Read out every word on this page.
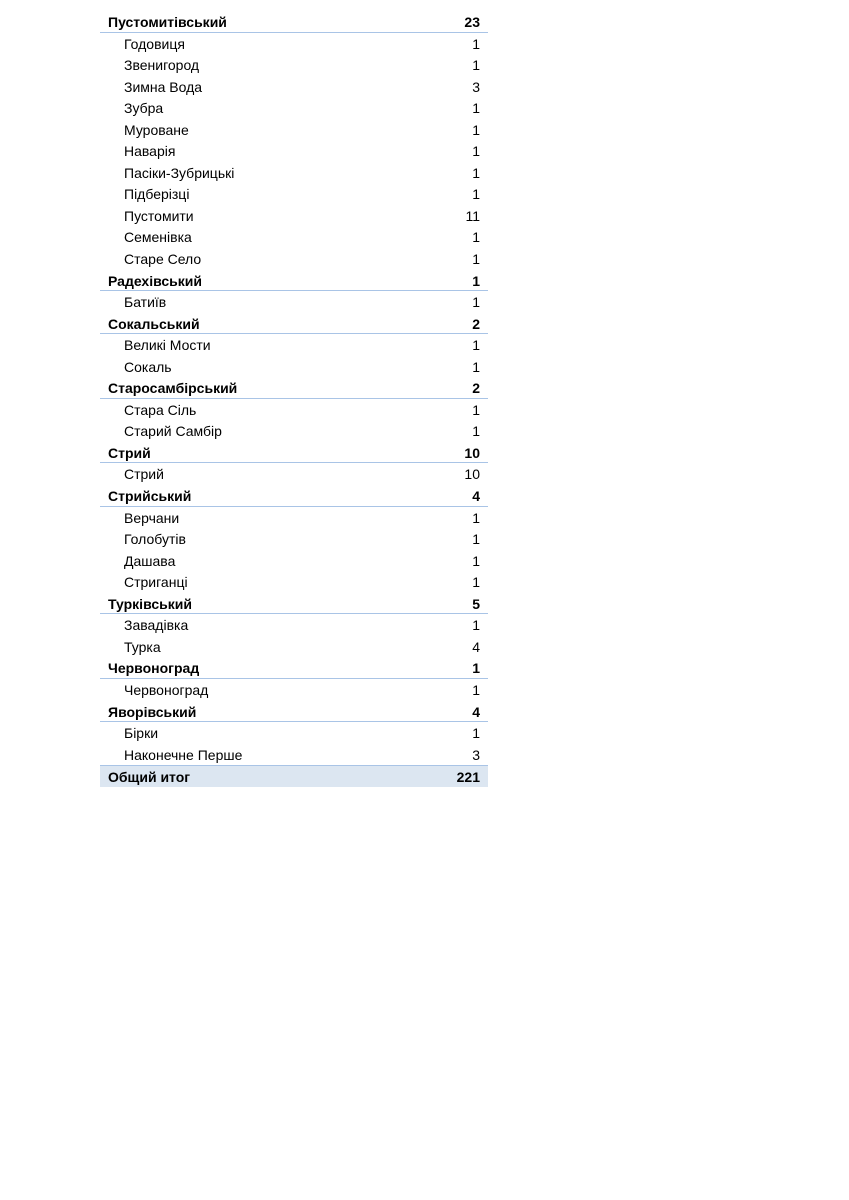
Пустомитівський	23
Годовиця	1
Звенигород	1
Зимна Вода	3
Зубра	1
Муроване	1
Наварія	1
Пасіки-Зубрицькі	1
Підберізці	1
Пустомити	11
Семенівка	1
Старе Село	1
Радехівський	1
Батиїв	1
Сокальський	2
Великі Мости	1
Сокаль	1
Старосамбірський	2
Стара Сіль	1
Старий Самбір	1
Стрий	10
Стрий	10
Стрийський	4
Верчани	1
Голобутів	1
Дашава	1
Стриганці	1
Турківський	5
Завадівка	1
Турка	4
Червоноград	1
Червоноград	1
Яворівський	4
Бірки	1
Наконечне Перше	3
Общий итог	221
